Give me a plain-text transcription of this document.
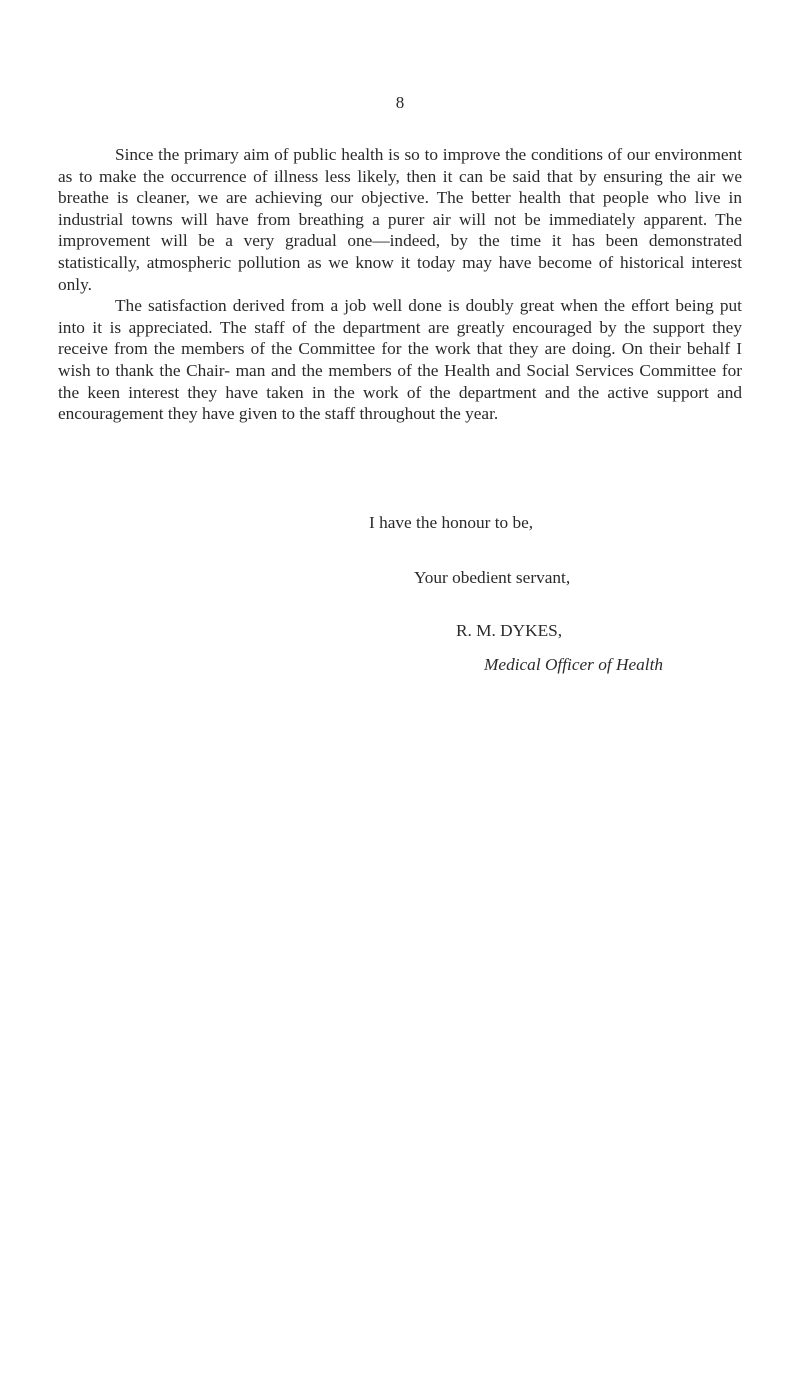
8

Since the primary aim of public health is so to improve the conditions of our environment as to make the occurrence of illness less likely, then it can be said that by ensuring the air we breathe is cleaner, we are achieving our objective. The better health that people who live in industrial towns will have from breathing a purer air will not be immediately apparent. The improvement will be a very gradual one—indeed, by the time it has been demonstrated statistically, atmospheric pollution as we know it today may have become of historical interest only.

The satisfaction derived from a job well done is doubly great when the effort being put into it is appreciated. The staff of the department are greatly encouraged by the support they receive from the members of the Committee for the work that they are doing. On their behalf I wish to thank the Chair- man and the members of the Health and Social Services Committee for the keen interest they have taken in the work of the department and the active support and encouragement they have given to the staff throughout the year.

I have the honour to be,
Your obedient servant,
R. M. DYKES,
Medical Officer of Health
